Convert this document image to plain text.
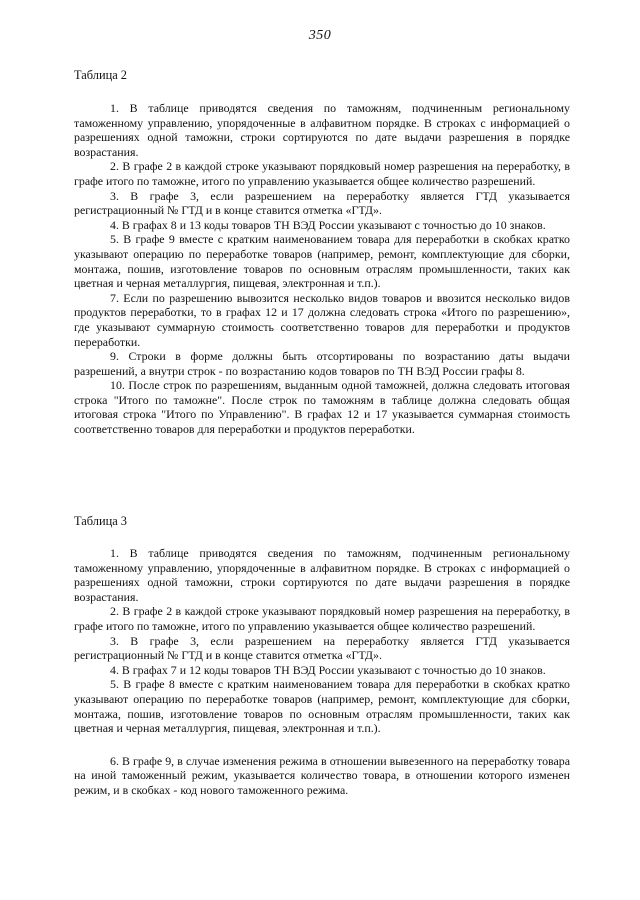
350

Таблица 2

1. В таблице приводятся сведения по таможням, подчиненным региональному таможенному управлению, упорядоченные в алфавитном порядке. В строках с информацией о разрешениях одной таможни, строки сортируются по дате выдачи разрешения в порядке возрастания.

2. В графе 2 в каждой строке указывают порядковый номер разрешения на переработку, в графе итого по таможне, итого по управлению указывается общее количество разрешений.

3. В графе 3, если разрешением на переработку является ГТД указывается регистрационный № ГТД и в конце ставится отметка «ГТД».

4. В графах 8 и 13 коды товаров ТН ВЭД России указывают с точностью до 10 знаков.

5. В графе 9 вместе с кратким наименованием товара для переработки в скобках кратко указывают операцию по переработке товаров (например, ремонт, комплектующие для сборки, монтажа, пошив, изготовление товаров по основным отраслям промышленности, таких как цветная и черная металлургия, пищевая, электронная и т.п.).

7. Если по разрешению вывозится несколько видов товаров и ввозится несколько видов продуктов переработки, то в графах 12 и 17 должна следовать строка «Итого по разрешению», где указывают суммарную стоимость соответственно товаров для переработки и продуктов переработки.

9. Строки в форме должны быть отсортированы по возрастанию даты выдачи разрешений, а внутри строк - по возрастанию кодов товаров по ТН ВЭД России графы 8.

10. После строк по разрешениям, выданным одной таможней, должна следовать итоговая строка "Итого по таможне". После строк по таможням в таблице должна следовать общая итоговая строка "Итого по Управлению". В графах 12 и 17 указывается суммарная стоимость соответственно товаров для переработки и продуктов переработки.

Таблица 3

1. В таблице приводятся сведения по таможням, подчиненным региональному таможенному управлению, упорядоченные в алфавитном порядке. В строках с информацией о разрешениях одной таможни, строки сортируются по дате выдачи разрешения в порядке возрастания.

2. В графе 2 в каждой строке указывают порядковый номер разрешения на переработку, в графе итого по таможне, итого по управлению указывается общее количество разрешений.

3. В графе 3, если разрешением на переработку является ГТД указывается регистрационный № ГТД и в конце ставится отметка «ГТД».

4. В графах 7 и 12 коды товаров ТН ВЭД России указывают с точностью до 10 знаков.

5. В графе 8 вместе с кратким наименованием товара для переработки в скобках кратко указывают операцию по переработке товаров (например, ремонт, комплектующие для сборки, монтажа, пошив, изготовление товаров по основным отраслям промышленности, таких как цветная и черная металлургия, пищевая, электронная и т.п.).

6. В графе 9, в случае изменения режима в отношении вывезенного на переработку товара на иной таможенный режим, указывается количество товара, в отношении которого изменен режим, и в скобках - код нового таможенного режима.
